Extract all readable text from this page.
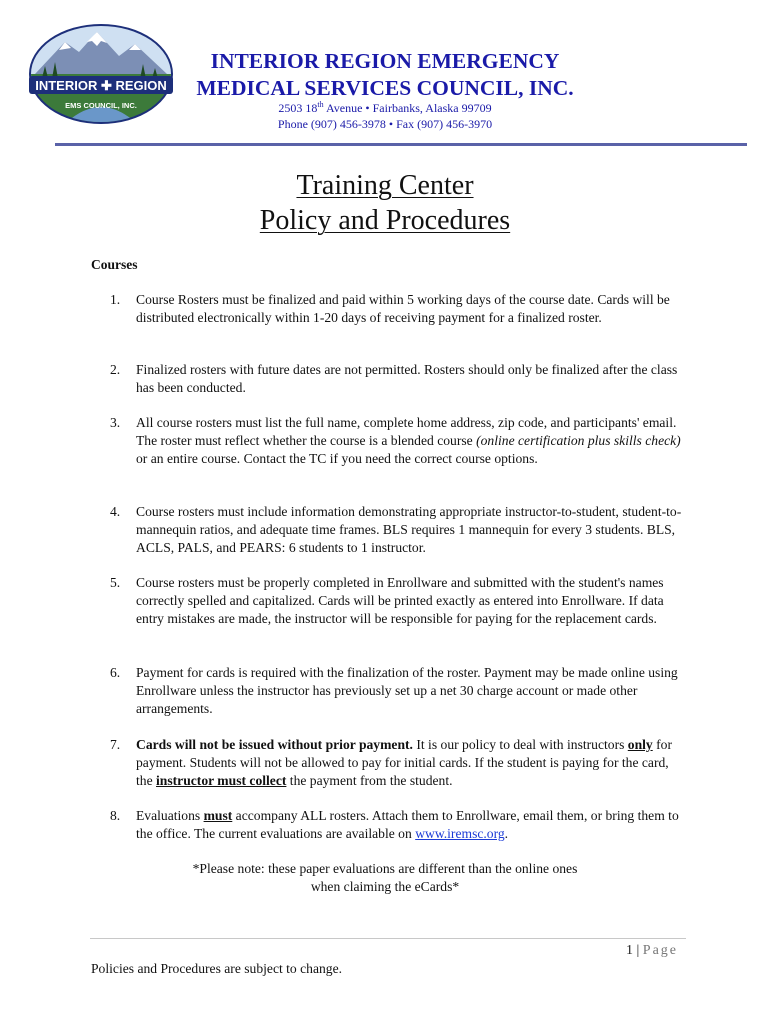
INTERIOR ✚ REGION
EMS COUNCIL, INC.
INTERIOR REGION EMERGENCY
MEDICAL SERVICES COUNCIL, INC.
2503 18th Avenue • Fairbanks, Alaska 99709
Phone (907) 456-3978 • Fax (907) 456-3970
Training Center
Policy and Procedures
Courses
1.	Course Rosters must be finalized and paid within 5 working days of the course date. Cards will be distributed electronically within 1-20 days of receiving payment for a finalized roster.
2.	Finalized rosters with future dates are not permitted. Rosters should only be finalized after the class has been conducted.
3.	All course rosters must list the full name, complete home address, zip code, and participants' email. The roster must reflect whether the course is a blended course (online certification plus skills check) or an entire course. Contact the TC if you need the correct course options.
4.	Course rosters must include information demonstrating appropriate instructor-to-student, student-to-mannequin ratios, and adequate time frames. BLS requires 1 mannequin for every 3 students. BLS, ACLS, PALS, and PEARS: 6 students to 1 instructor.
5.	Course rosters must be properly completed in Enrollware and submitted with the student's names correctly spelled and capitalized. Cards will be printed exactly as entered into Enrollware. If data entry mistakes are made, the instructor will be responsible for paying for the replacement cards.
6.	Payment for cards is required with the finalization of the roster. Payment may be made online using Enrollware unless the instructor has previously set up a net 30 charge account or made other arrangements.
7.	Cards will not be issued without prior payment. It is our policy to deal with instructors only for payment. Students will not be allowed to pay for initial cards. If the student is paying for the card, the instructor must collect the payment from the student.
8.	Evaluations must accompany ALL rosters. Attach them to Enrollware, email them, or bring them to the office. The current evaluations are available on www.iremsc.org.
*Please note: these paper evaluations are different than the online ones
when claiming the eCards*
1 | Page
Policies and Procedures are subject to change.
